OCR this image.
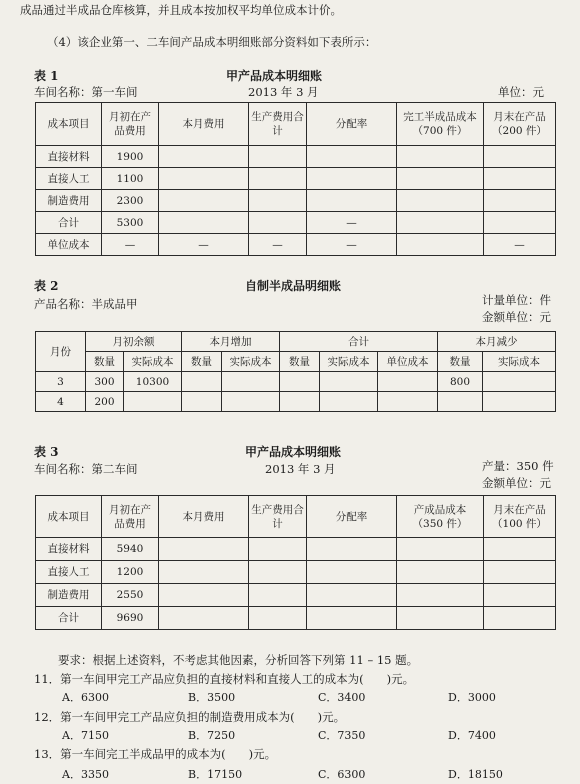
成品通过半成品仓库核算，并且成本按加权平均单位成本计价。
（4）该企业第一、二车间产品成本明细账部分资料如下表所示：
表 1	甲产品成本明细账
车间名称：第一车间	2013 年 3 月	单位：元
成本项目	月初在产品费用	本月费用	生产费用合计	分配率	完工半成品成本（700 件）	月末在产品（200 件）
直接材料	1900					
直接人工	1100					
制造费用	2300					
合计	5300			—		
单位成本	—	—	—	—		—
表 2	自制半成品明细账
产品名称：半成品甲	计量单位：件
金额单位：元
月份	月初余额		本月增加		合计			本月减少	
	数量	实际成本	数量	实际成本	数量	实际成本	单位成本	数量	实际成本
3	300	10300						800	
4	200								
表 3	甲产品成本明细账
车间名称：第二车间	2013 年 3 月	产量：350 件
金额单位：元
成本项目	月初在产品费用	本月费用	生产费用合计	分配率	产成品成本（350 件）	月末在产品（100 件）
直接材料	5940					
直接人工	1200					
制造费用	2550					
合计	9690					
要求：根据上述资料，不考虑其他因素，分析回答下列第 11 – 15 题。
11．第一车间甲完工产品应负担的直接材料和直接人工的成本为(　　)元。
A．6300	B．3500	C．3400	D．3000
12．第一车间甲完工产品应负担的制造费用成本为(　　)元。
A．7150	B．7250	C．7350	D．7400
13．第一车间完工半成品甲的成本为(　　)元。
A．3350	B．17150	C．6300	D．18150
